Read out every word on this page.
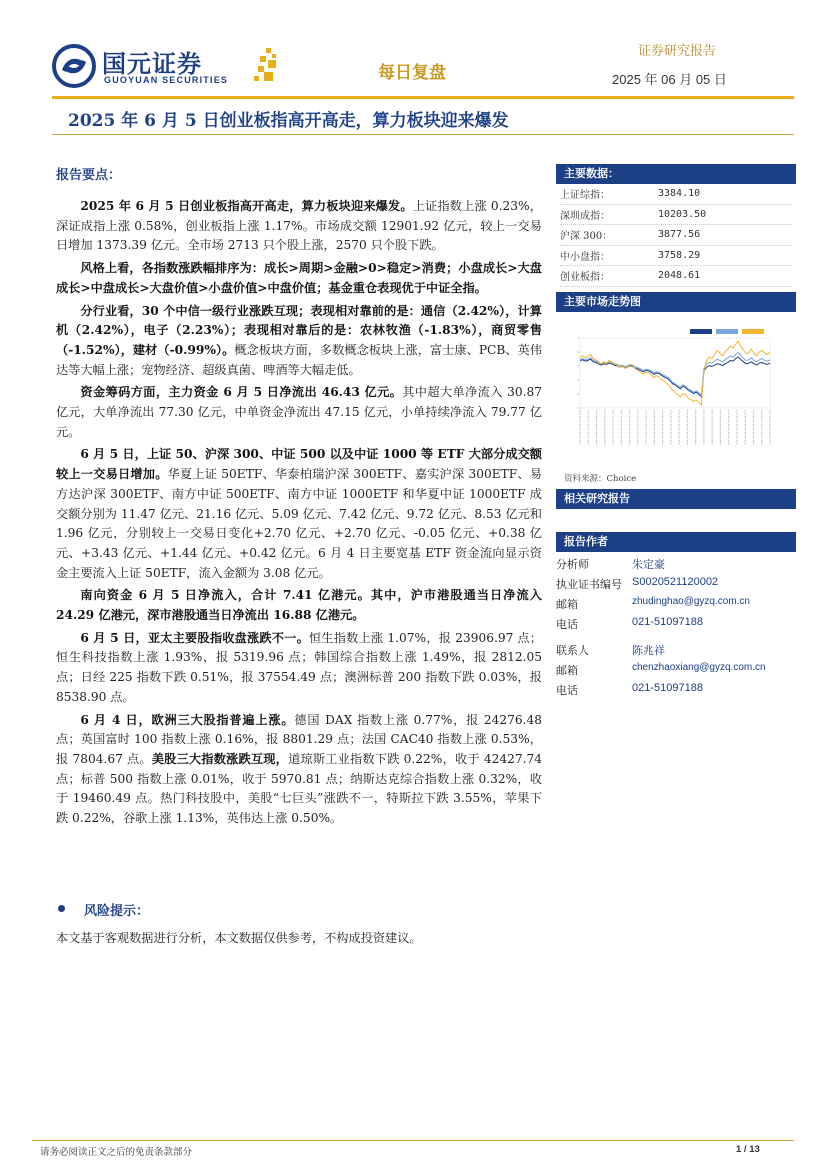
国元证券
GUOYUAN SECURITIES	每日复盘
证券研究报告
2025 年 06 月 05 日
2025 年 6 月 5 日创业板指高开高走，算力板块迎来爆发
报告要点：
2025 年 6 月 5 日创业板指高开高走，算力板块迎来爆发。上证指数上涨 0.23%，深证成指上涨 0.58%，创业板指上涨 1.17%。市场成交额 12901.92 亿元，较上一交易日增加 1373.39 亿元。全市场 2713 只个股上涨，2570 只个股下跌。
风格上看，各指数涨跌幅排序为：成长>周期>金融>0>稳定>消费；小盘成长>大盘成长>中盘成长>大盘价值>小盘价值>中盘价值；基金重仓表现优于中证全指。
分行业看，30 个中信一级行业涨跌互现；表现相对靠前的是：通信（2.42%），计算机（2.42%），电子（2.23%）；表现相对靠后的是：农林牧渔（-1.83%），商贸零售（-1.52%），建材（-0.99%）。概念板块方面，多数概念板块上涨，富士康、PCB、英伟达等大幅上涨；宠物经济、超级真菌、啤酒等大幅走低。
资金筹码方面，主力资金 6 月 5 日净流出 46.43 亿元。其中超大单净流入 30.87 亿元，大单净流出 77.30 亿元，中单资金净流出 47.15 亿元，小单持续净流入 79.77 亿元。
6 月 5 日，上证 50、沪深 300、中证 500 以及中证 1000 等 ETF 大部分成交额较上一交易日增加。华夏上证 50ETF、华泰柏瑞沪深 300ETF、嘉实沪深 300ETF、易方达沪深 300ETF、南方中证 500ETF、南方中证 1000ETF 和华夏中证 1000ETF 成交额分别为 11.47 亿元、21.16 亿元、5.09 亿元、7.42 亿元、9.72 亿元、8.53 亿元和 1.96 亿元，分别较上一交易日变化+2.70 亿元、+2.70 亿元、-0.05 亿元、+0.38 亿元、+3.43 亿元、+1.44 亿元、+0.42 亿元。6 月 4 日主要宽基 ETF 资金流向显示资金主要流入上证 50ETF，流入金额为 3.08 亿元。
南向资金 6 月 5 日净流入，合计 7.41 亿港元。其中，沪市港股通当日净流入 24.29 亿港元，深市港股通当日净流出 16.88 亿港元。
6 月 5 日，亚太主要股指收盘涨跌不一。恒生指数上涨 1.07%，报 23906.97 点；恒生科技指数上涨 1.93%，报 5319.96 点；韩国综合指数上涨 1.49%，报 2812.05 点；日经 225 指数下跌 0.51%，报 37554.49 点；澳洲标普 200 指数下跌 0.03%，报 8538.90 点。
6 月 4 日，欧洲三大股指普遍上涨。德国 DAX 指数上涨 0.77%，报 24276.48 点；英国富时 100 指数上涨 0.16%，报 8801.29 点；法国 CAC40 指数上涨 0.53%，报 7804.67 点。美股三大指数涨跌互现，道琼斯工业指数下跌 0.22%，收于 42427.74 点；标普 500 指数上涨 0.01%，收于 5970.81 点；纳斯达克综合指数上涨 0.32%，收于 19460.49 点。热门科技股中，美股“七巨头”涨跌不一，特斯拉下跌 3.55%，苹果下跌 0.22%，谷歌上涨 1.13%，英伟达上涨 0.50%。
风险提示：
本文基于客观数据进行分析，本文数据仅供参考，不构成投资建议。
主要数据：
上证综指：	3384.10
深圳成指：	10203.50
沪深 300：	3877.56
中小盘指：	3758.29
创业板指：	2048.61
主要市场走势图
资料来源：Choice
相关研究报告
报告作者
分析师	朱定豪
执业证书编号 S0020521120002
邮箱	zhudinghao@gyzq.com.cn
电话	021-51097188
联系人	陈兆祥
邮箱	chenzhaoxiang@gyzq.com.cn
电话	021-51097188
请务必阅读正文之后的免责条款部分	1 / 13
